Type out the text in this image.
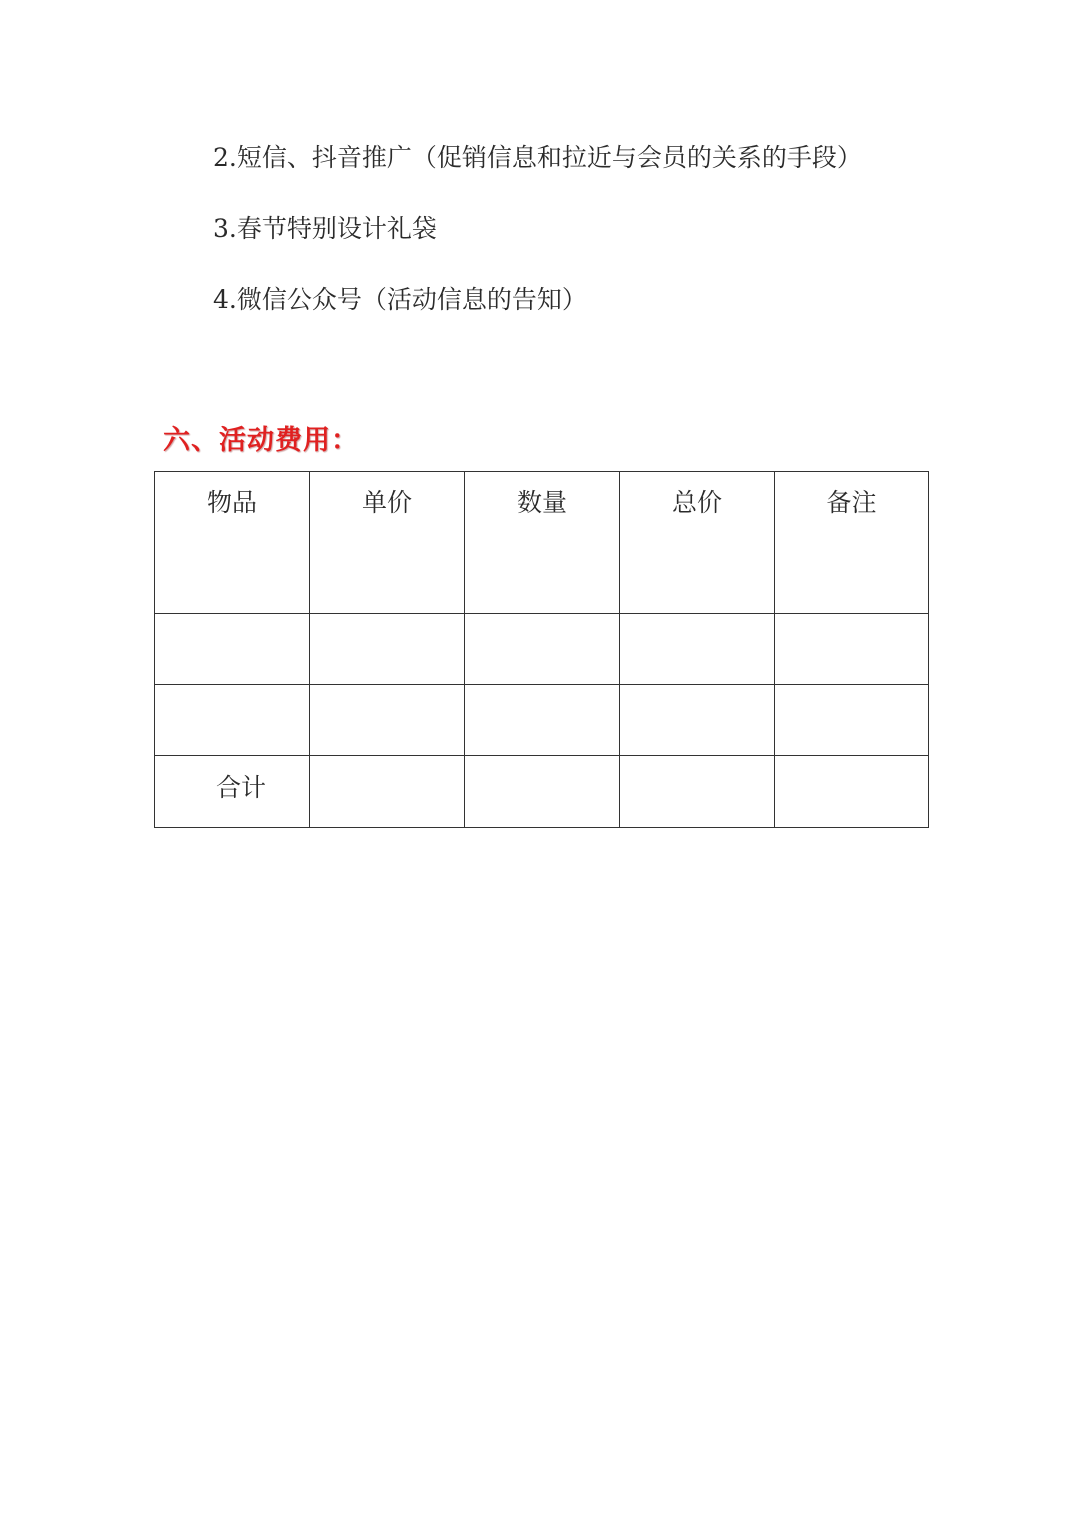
2.短信、抖音推广（促销信息和拉近与会员的关系的手段）
3.春节特别设计礼袋
4.微信公众号（活动信息的告知）
六、活动费用：
物品	单价	数量	总价	备注

合计				
